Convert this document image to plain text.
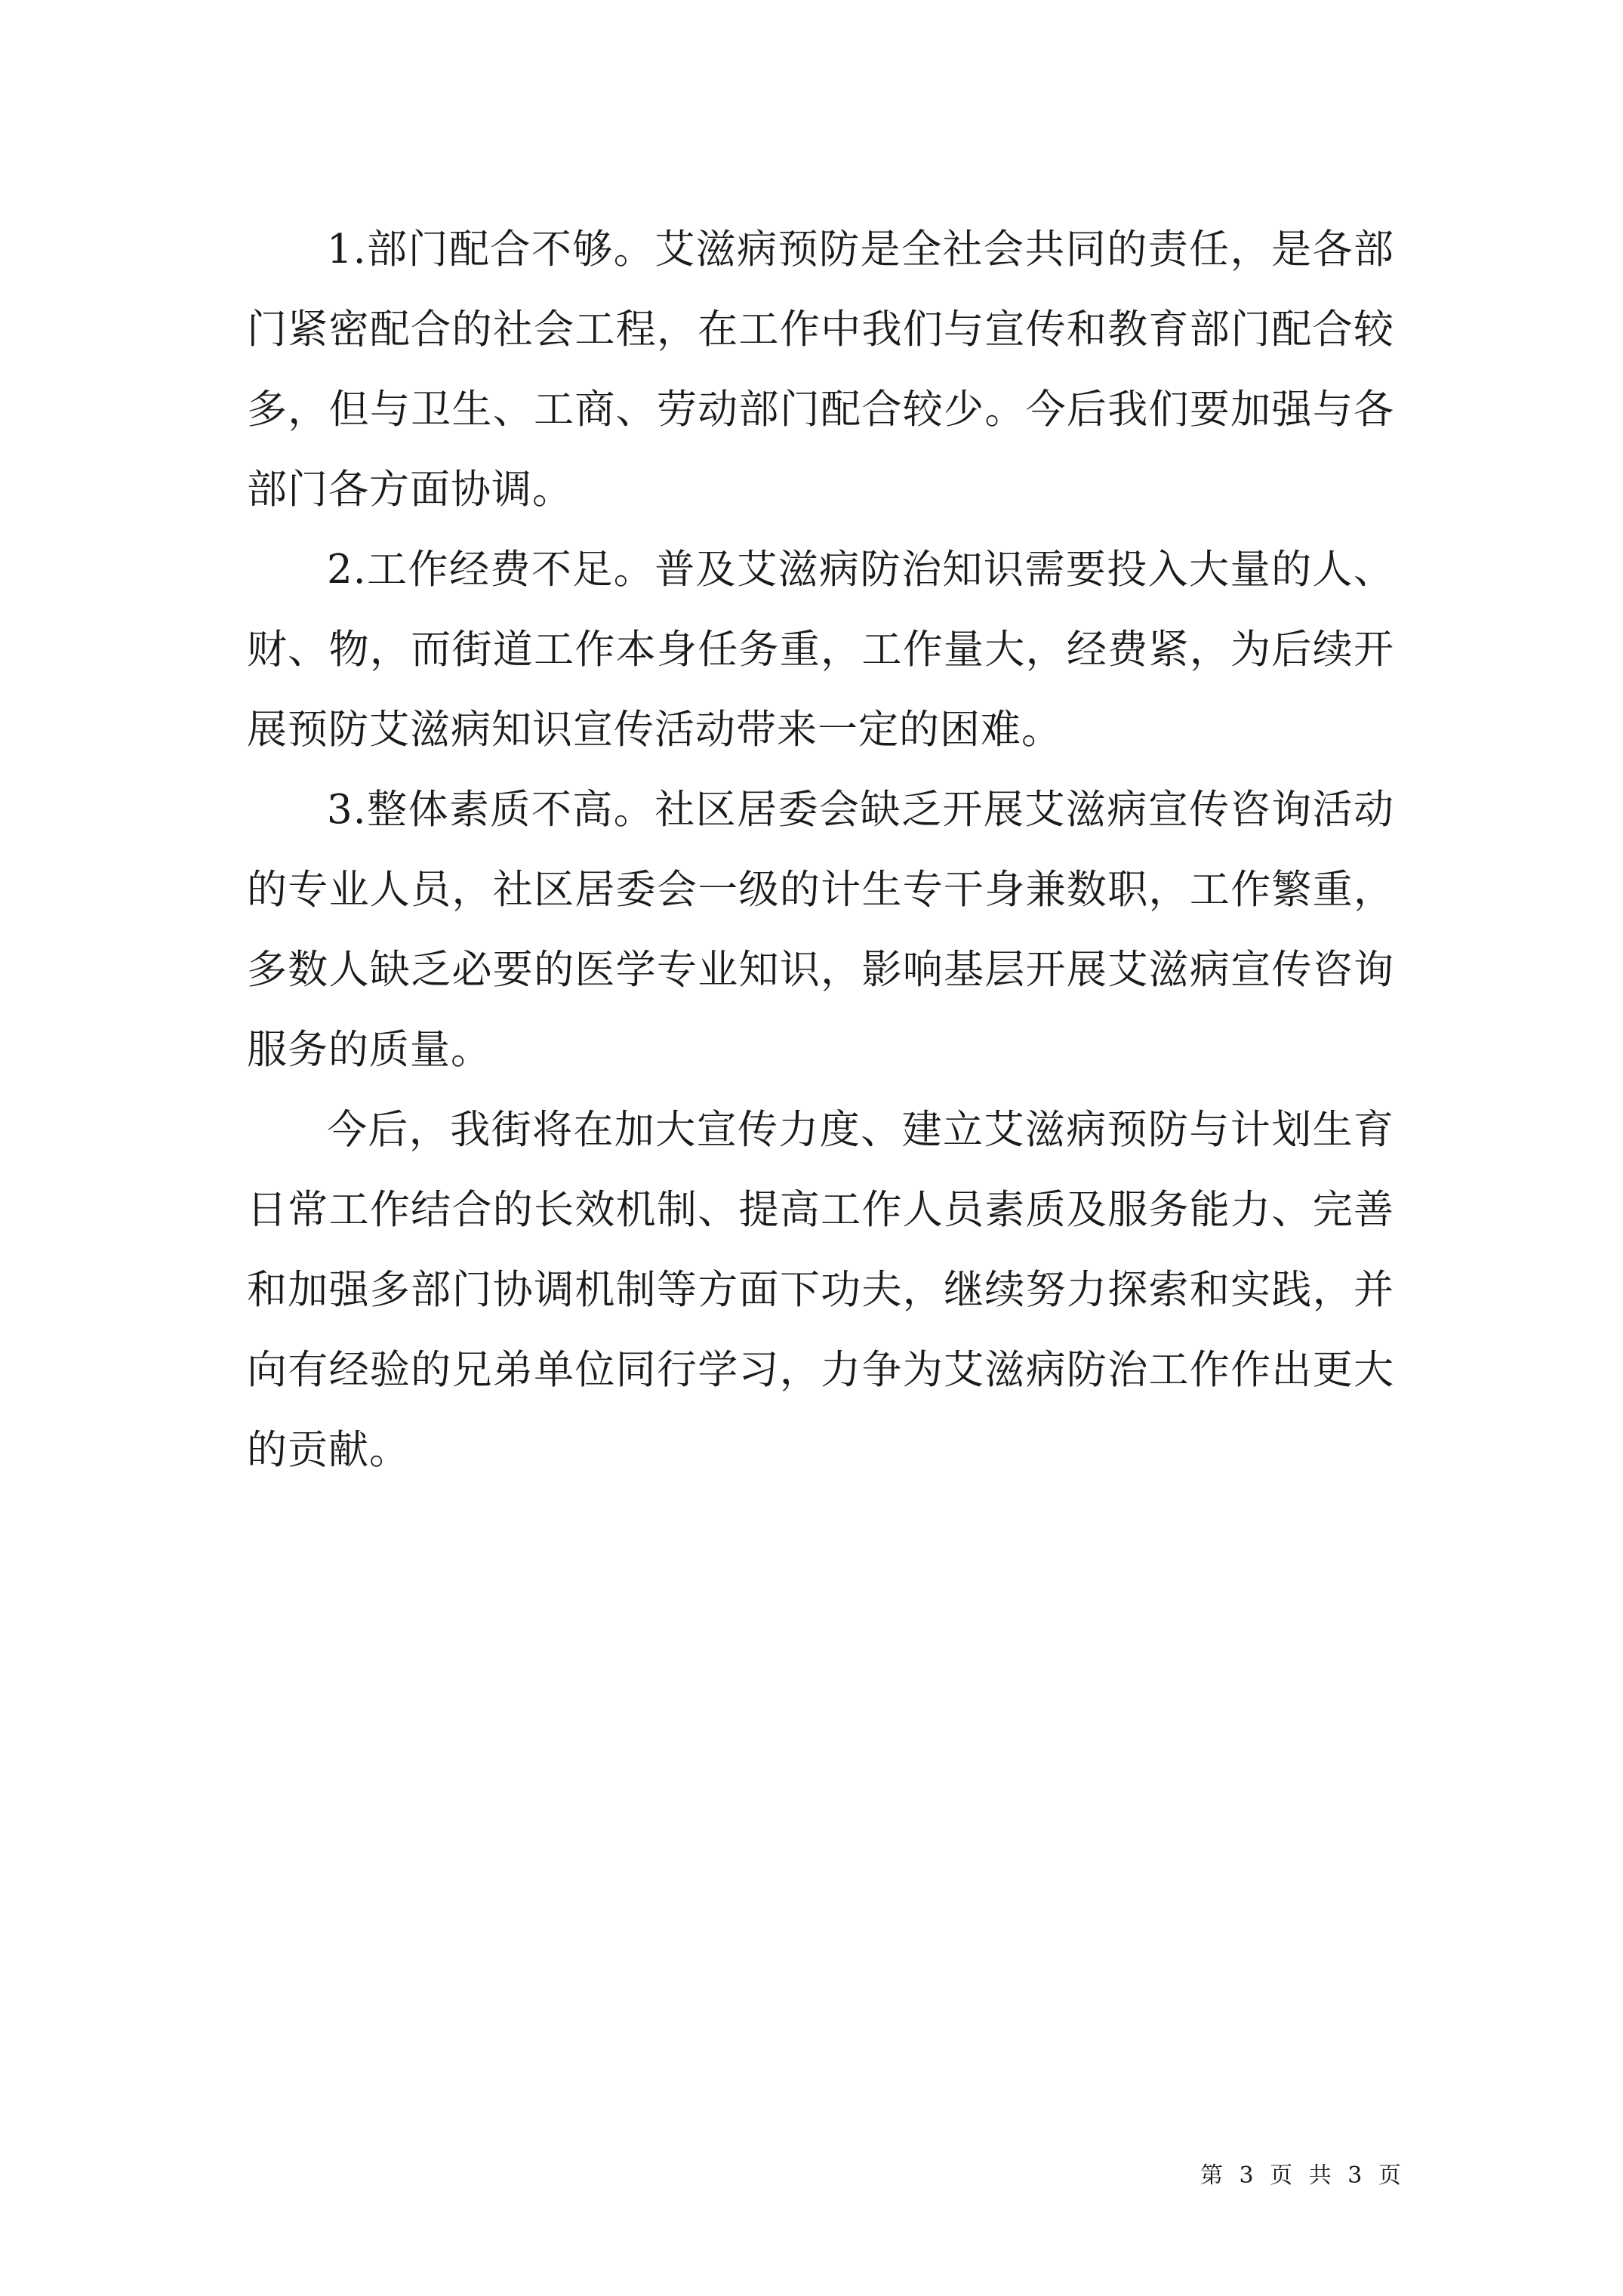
1.部门配合不够。艾滋病预防是全社会共同的责任，是各部门紧密配合的社会工程，在工作中我们与宣传和教育部门配合较多，但与卫生、工商、劳动部门配合较少。今后我们要加强与各部门各方面协调。

2.工作经费不足。普及艾滋病防治知识需要投入大量的人、财、物，而街道工作本身任务重，工作量大，经费紧，为后续开展预防艾滋病知识宣传活动带来一定的困难。

3.整体素质不高。社区居委会缺乏开展艾滋病宣传咨询活动的专业人员，社区居委会一级的计生专干身兼数职，工作繁重，多数人缺乏必要的医学专业知识，影响基层开展艾滋病宣传咨询服务的质量。

今后，我街将在加大宣传力度、建立艾滋病预防与计划生育日常工作结合的长效机制、提高工作人员素质及服务能力、完善和加强多部门协调机制等方面下功夫，继续努力探索和实践，并向有经验的兄弟单位同行学习，力争为艾滋病防治工作作出更大的贡献。

第 3 页 共 3 页
